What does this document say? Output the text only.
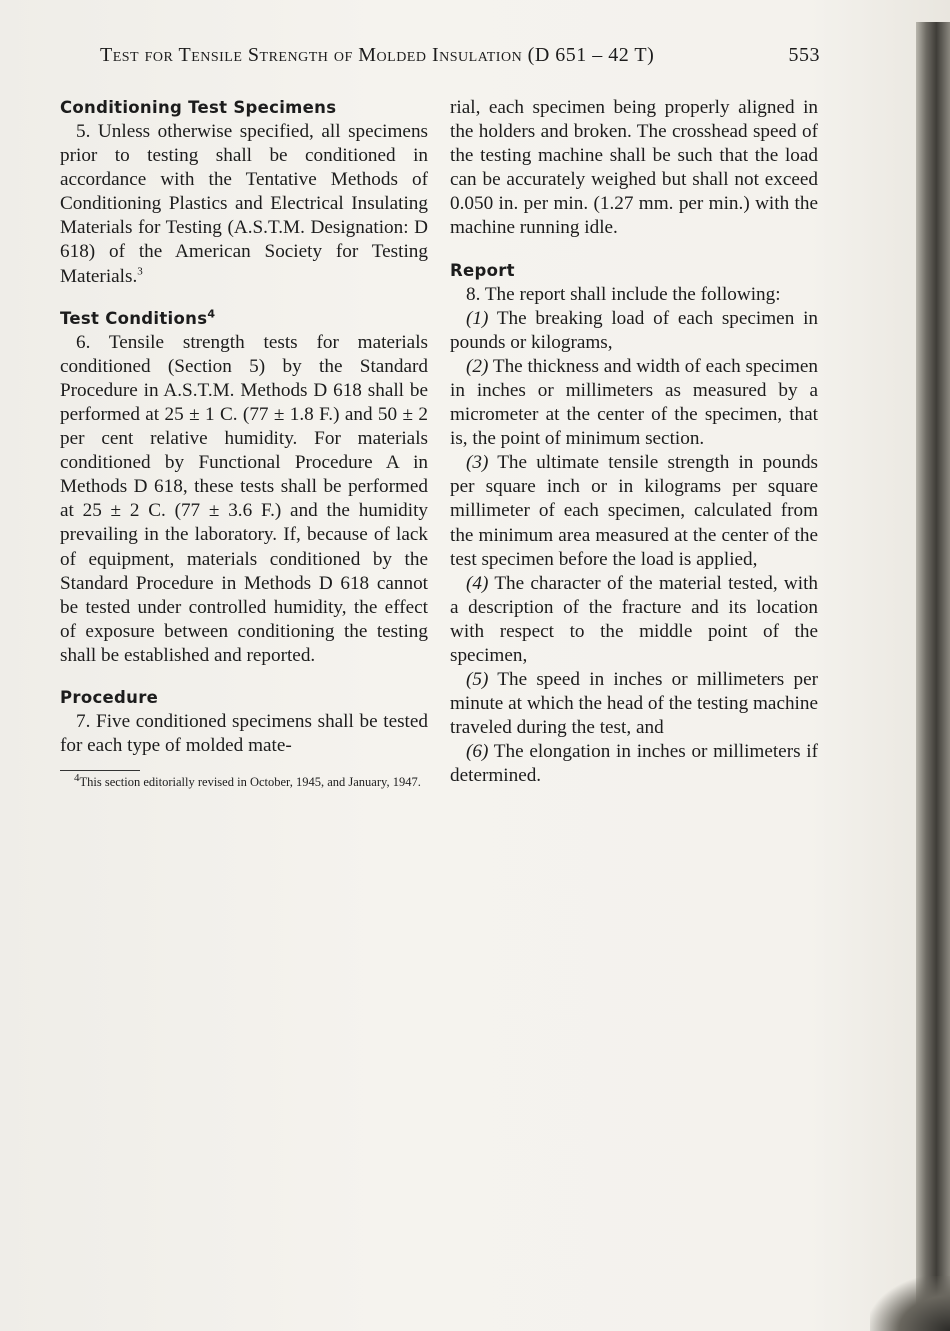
Test for Tensile Strength of Molded Insulation (D 651 – 42 T)	553
Conditioning Test Specimens

5. Unless otherwise specified, all specimens prior to testing shall be conditioned in accordance with the Tentative Methods of Conditioning Plastics and Electrical Insulating Materials for Testing (A.S.T.M. Designation: D 618) of the American Society for Testing Materials.$^3$

Test Conditions$^4$

6. Tensile strength tests for materials conditioned (Section 5) by the Standard Procedure in A.S.T.M. Methods D 618 shall be performed at 25 ± 1 C. (77 ± 1.8 F.) and 50 ± 2 per cent relative humidity. For materials conditioned by Functional Procedure A in Methods D 618, these tests shall be performed at 25 ± 2 C. (77 ± 3.6 F.) and the humidity prevailing in the laboratory. If, because of lack of equipment, materials conditioned by the Standard Procedure in Methods D 618 cannot be tested under controlled humidity, the effect of exposure between conditioning the testing shall be established and reported.

Procedure

7. Five conditioned specimens shall be tested for each type of molded mate-

$^4$This section editorially revised in October, 1945, and January, 1947.

rial, each specimen being properly aligned in the holders and broken. The crosshead speed of the testing machine shall be such that the load can be accurately weighed but shall not exceed 0.050 in. per min. (1.27 mm. per min.) with the machine running idle.

Report

8. The report shall include the following:

(1) The breaking load of each specimen in pounds or kilograms,

(2) The thickness and width of each specimen in inches or millimeters as measured by a micrometer at the center of the specimen, that is, the point of minimum section.

(3) The ultimate tensile strength in pounds per square inch or in kilograms per square millimeter of each specimen, calculated from the minimum area measured at the center of the test specimen before the load is applied,

(4) The character of the material tested, with a description of the fracture and its location with respect to the middle point of the specimen,

(5) The speed in inches or millimeters per minute at which the head of the testing machine traveled during the test, and

(6) The elongation in inches or millimeters if determined.
